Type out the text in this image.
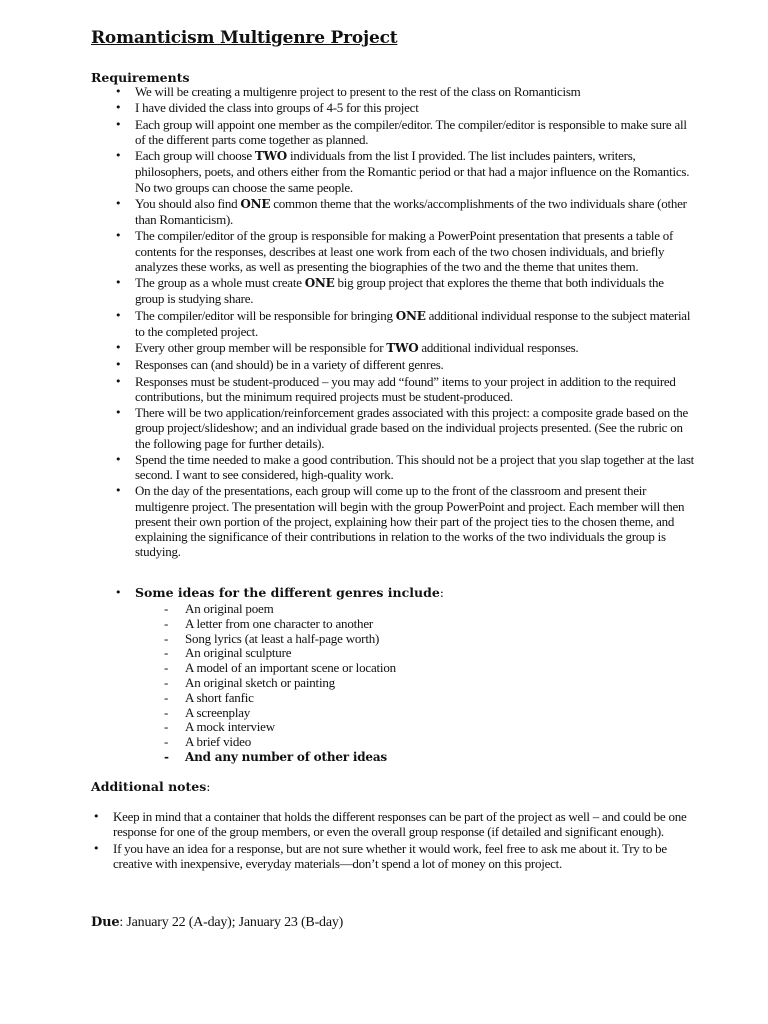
Romanticism Multigenre Project
Requirements
• We will be creating a multigenre project to present to the rest of the class on Romanticism
• I have divided the class into groups of 4-5 for this project
• Each group will appoint one member as the compiler/editor. The compiler/editor is responsible to make sure all of the different parts come together as planned.
• Each group will choose TWO individuals from the list I provided. The list includes painters, writers, philosophers, poets, and others either from the Romantic period or that had a major influence on the Romantics. No two groups can choose the same people.
• You should also find ONE common theme that the works/accomplishments of the two individuals share (other than Romanticism).
• The compiler/editor of the group is responsible for making a PowerPoint presentation that presents a table of contents for the responses, describes at least one work from each of the two chosen individuals, and briefly analyzes these works, as well as presenting the biographies of the two and the theme that unites them.
• The group as a whole must create ONE big group project that explores the theme that both individuals the group is studying share.
• The compiler/editor will be responsible for bringing ONE additional individual response to the subject material to the completed project.
• Every other group member will be responsible for TWO additional individual responses.
• Responses can (and should) be in a variety of different genres.
• Responses must be student-produced – you may add “found” items to your project in addition to the required contributions, but the minimum required projects must be student-produced.
• There will be two application/reinforcement grades associated with this project: a composite grade based on the group project/slideshow; and an individual grade based on the individual projects presented. (See the rubric on the following page for further details).
• Spend the time needed to make a good contribution. This should not be a project that you slap together at the last second. I want to see considered, high-quality work.
• On the day of the presentations, each group will come up to the front of the classroom and present their multigenre project. The presentation will begin with the group PowerPoint and project. Each member will then present their own portion of the project, explaining how their part of the project ties to the chosen theme, and explaining the significance of their contributions in relation to the works of the two individuals the group is studying.
• Some ideas for the different genres include:
- An original poem
- A letter from one character to another
- Song lyrics (at least a half-page worth)
- An original sculpture
- A model of an important scene or location
- An original sketch or painting
- A short fanfic
- A screenplay
- A mock interview
- A brief video
- And any number of other ideas
Additional notes:
• Keep in mind that a container that holds the different responses can be part of the project as well – and could be one response for one of the group members, or even the overall group response (if detailed and significant enough).
• If you have an idea for a response, but are not sure whether it would work, feel free to ask me about it. Try to be creative with inexpensive, everyday materials—don’t spend a lot of money on this project.

Due: January 22 (A-day); January 23 (B-day)
